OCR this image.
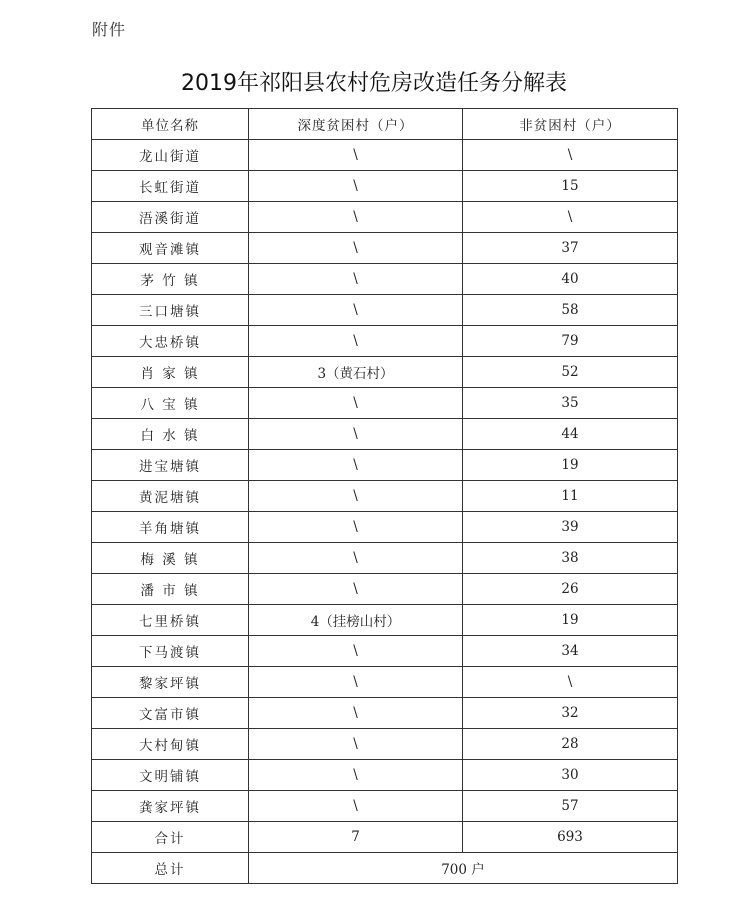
附件
2019年祁阳县农村危房改造任务分解表
单位名称	深度贫困村（户）	非贫困村（户）
龙山街道	\	\
长虹街道	\	15
浯溪街道	\	\
观音滩镇	\	37
茅 竹 镇	\	40
三口塘镇	\	58
大忠桥镇	\	79
肖 家 镇	3（黄石村）	52
八 宝 镇	\	35
白 水 镇	\	44
进宝塘镇	\	19
黄泥塘镇	\	11
羊角塘镇	\	39
梅 溪 镇	\	38
潘 市 镇	\	26
七里桥镇	4（挂榜山村）	19
下马渡镇	\	34
黎家坪镇	\	\
文富市镇	\	32
大村甸镇	\	28
文明铺镇	\	30
龚家坪镇	\	57
合计	7	693
总计	700 户	
